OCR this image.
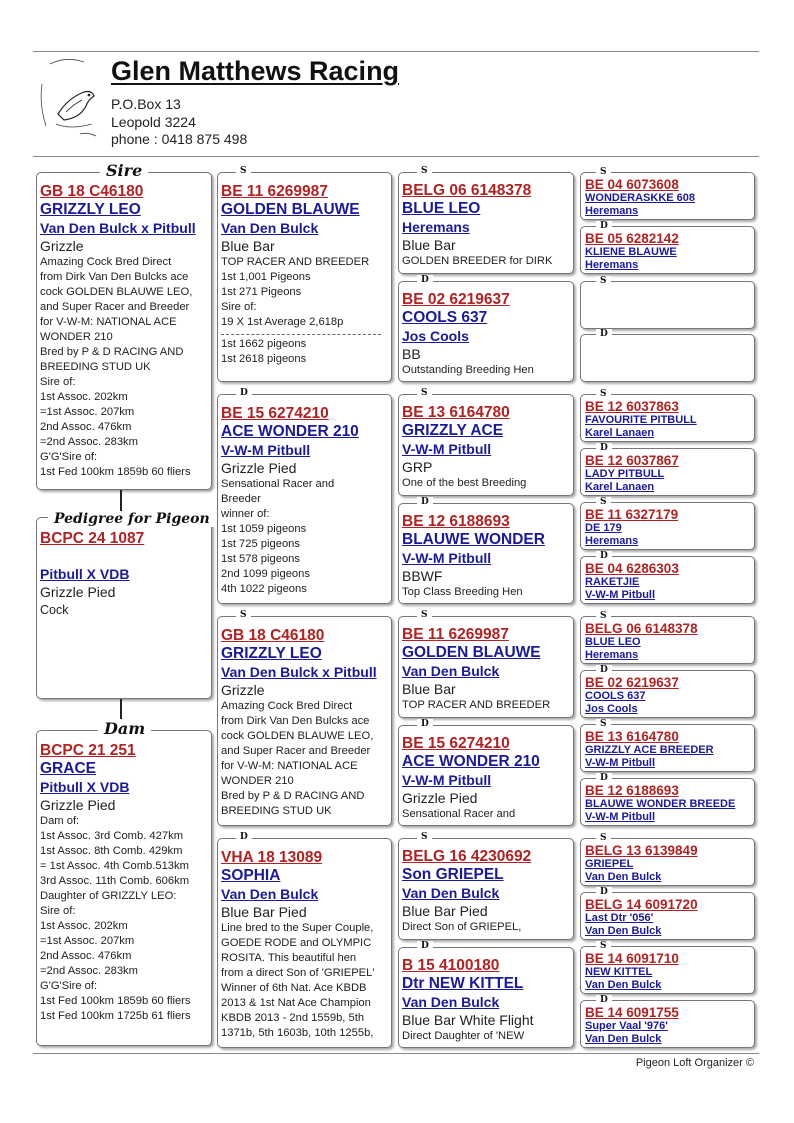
Glen Matthews Racing
P.O.Box 13
Leopold 3224
phone : 0418 875 498
GB 18 C46180
GRIZZLY LEO
Van Den Bulck x Pitbull
Grizzle
Amazing Cock Bred Direct
from Dirk Van Den Bulcks ace
cock GOLDEN BLAUWE LEO,
and Super Racer and Breeder
for V-W-M: NATIONAL ACE
WONDER 210
Bred by P & D RACING AND
BREEDING STUD UK
Sire of:
1st Assoc. 202km
=1st Assoc. 207km
2nd Assoc. 476km
=2nd Assoc. 283km
G'G'Sire of:
1st Fed 100km 1859b 60 fliers
Sire
BCPC 24 1087
Pitbull X VDB
Grizzle Pied
Cock
Pedigree for Pigeon
BCPC 21 251
GRACE
Pitbull X VDB
Grizzle Pied
Dam of:
1st Assoc. 3rd Comb. 427km
1st Assoc. 8th Comb. 429km
= 1st Assoc. 4th Comb.513km
3rd Assoc. 11th Comb. 606km
Daughter of GRIZZLY LEO:
Sire of:
1st Assoc. 202km
=1st Assoc. 207km
2nd Assoc. 476km
=2nd Assoc. 283km
G'G'Sire of:
1st Fed 100km 1859b 60 fliers
1st Fed 100km 1725b 61 fliers
Dam
BE 11 6269987
GOLDEN BLAUWE
Van Den Bulck
Blue Bar
TOP RACER AND BREEDER
1st 1,001 Pigeons
1st 271 Pigeons
Sire of:
19 X 1st Average 2,618p
1st 1662 pigeons
1st 2618 pigeons
S
BE 15 6274210
ACE WONDER 210
V-W-M Pitbull
Grizzle Pied
Sensational Racer and
Breeder
winner of:
1st 1059 pigeons
1st 725 pigeons
1st 578 pigeons
2nd 1099 pigeons
4th 1022 pigeons
D
GB 18 C46180
GRIZZLY LEO
Van Den Bulck x Pitbull
Grizzle
Amazing Cock Bred Direct
from Dirk Van Den Bulcks ace
cock GOLDEN BLAUWE LEO,
and Super Racer and Breeder
for V-W-M: NATIONAL ACE
WONDER 210
Bred by P & D RACING AND
BREEDING STUD UK
S
VHA 18 13089
SOPHIA
Van Den Bulck
Blue Bar Pied
Line bred to the Super Couple,
GOEDE RODE and OLYMPIC
ROSITA. This beautiful hen
from a direct Son of 'GRIEPEL'
Winner of 6th Nat. Ace KBDB
2013 & 1st Nat Ace Champion
KBDB 2013 - 2nd 1559b, 5th
1371b, 5th 1603b, 10th 1255b,
D
BELG 06 6148378
BLUE LEO
Heremans
Blue Bar
GOLDEN BREEDER for DIRK
S
BE 02 6219637
COOLS 637
Jos Cools
BB
Outstanding Breeding Hen
D
BE 13 6164780
GRIZZLY ACE
V-W-M Pitbull
GRP
One of the best Breeding
S
BE 12 6188693
BLAUWE WONDER
V-W-M Pitbull
BBWF
Top Class Breeding Hen
D
BE 11 6269987
GOLDEN BLAUWE
Van Den Bulck
Blue Bar
TOP RACER AND BREEDER
S
BE 15 6274210
ACE WONDER 210
V-W-M Pitbull
Grizzle Pied
Sensational Racer and
D
BELG 16 4230692
Son GRIEPEL
Van Den Bulck
Blue Bar Pied
Direct Son of GRIEPEL,
S
B 15 4100180
Dtr NEW KITTEL
Van Den Bulck
Blue Bar White Flight
Direct Daughter of 'NEW
D
BE 04 6073608
WONDERASKKE 608
Heremans
S
BE 05 6282142
KLIENE BLAUWE
Heremans
D
S
D
BE 12 6037863
FAVOURITE PITBULL
Karel Lanaen
S
BE 12 6037867
LADY PITBULL
Karel Lanaen
D
BE 11 6327179
DE 179
Heremans
S
BE 04 6286303
RAKETJIE
V-W-M Pitbull
D
BELG 06 6148378
BLUE LEO
Heremans
S
BE 02 6219637
COOLS 637
Jos Cools
D
BE 13 6164780
GRIZZLY ACE BREEDER
V-W-M Pitbull
S
BE 12 6188693
BLAUWE WONDER BREEDE
V-W-M Pitbull
D
BELG 13 6139849
GRIEPEL
Van Den Bulck
S
BELG 14 6091720
Last Dtr '056'
Van Den Bulck
D
BE 14 6091710
NEW KITTEL
Van Den Bulck
S
BE 14 6091755
Super Vaal '976'
Van Den Bulck
D
Pigeon Loft Organizer ©
